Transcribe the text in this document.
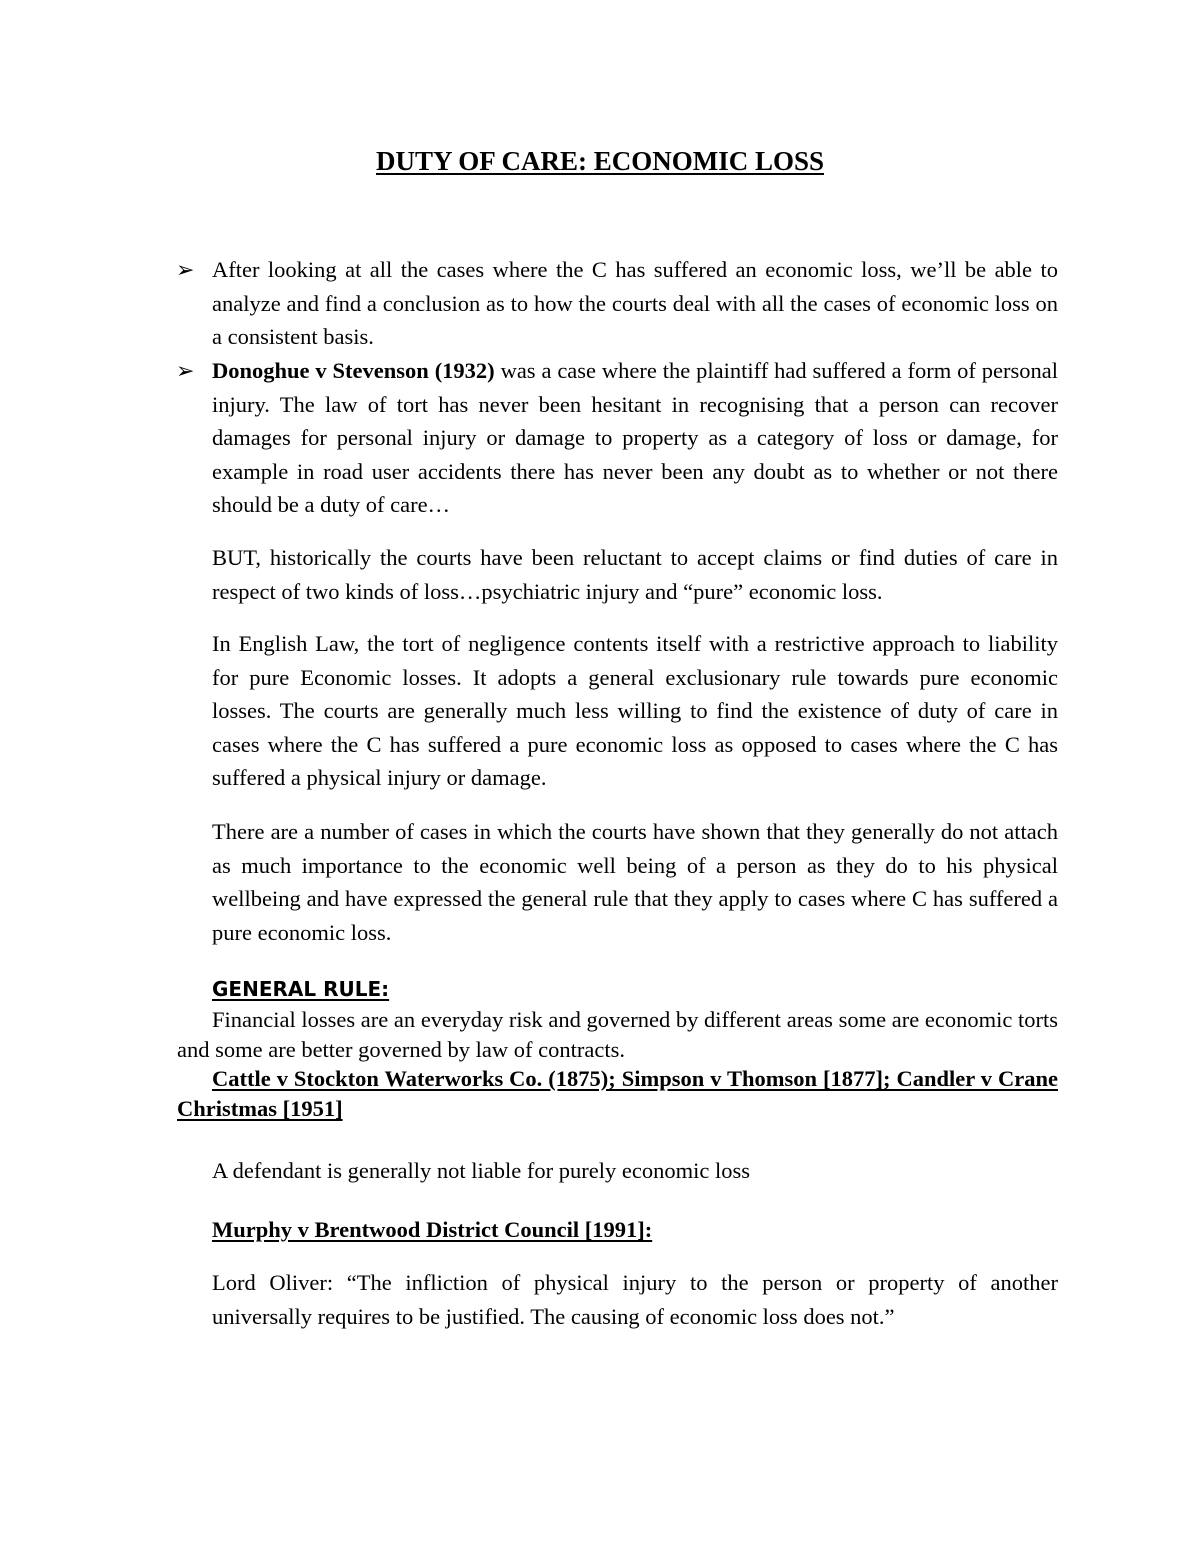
DUTY OF CARE: ECONOMIC LOSS
➢ After looking at all the cases where the C has suffered an economic loss, we’ll be able to analyze and find a conclusion as to how the courts deal with all the cases of economic loss on a consistent basis.
➢ Donoghue v Stevenson (1932) was a case where the plaintiff had suffered a form of personal injury. The law of tort has never been hesitant in recognising that a person can recover damages for personal injury or damage to property as a category of loss or damage, for example in road user accidents there has never been any doubt as to whether or not there should be a duty of care…

BUT, historically the courts have been reluctant to accept claims or find duties of care in respect of two kinds of loss…psychiatric injury and “pure” economic loss.

In English Law, the tort of negligence contents itself with a restrictive approach to liability for pure Economic losses. It adopts a general exclusionary rule towards pure economic losses. The courts are generally much less willing to find the existence of duty of care in cases where the C has suffered a pure economic loss as opposed to cases where the C has suffered a physical injury or damage.

There are a number of cases in which the courts have shown that they generally do not attach as much importance to the economic well being of a person as they do to his physical wellbeing and have expressed the general rule that they apply to cases where C has suffered a pure economic loss.

GENERAL RULE:

Financial losses are an everyday risk and governed by different areas some are economic torts and some are better governed by law of contracts.

Cattle v Stockton Waterworks Co. (1875); Simpson v Thomson [1877]; Candler v Crane Christmas [1951]

A defendant is generally not liable for purely economic loss

Murphy v Brentwood District Council [1991]:

Lord Oliver: “The infliction of physical injury to the person or property of another universally requires to be justified. The causing of economic loss does not.”
